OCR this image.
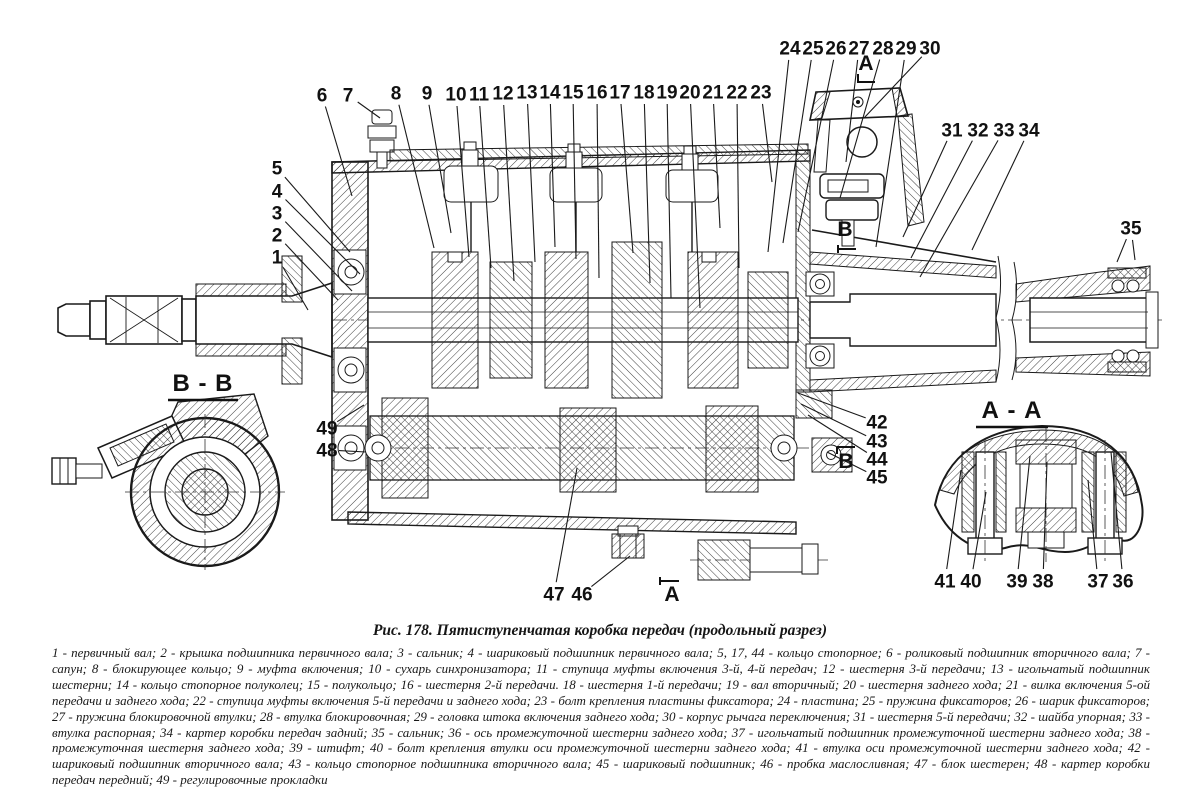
1
2
3
4
5
6 7 8 9 10 11 12 13 14 15 16 17 18 19 20 21 22 23
24 25 26 27 28 29 30
31 32 33 34
35
36
37
38
39
40
41
42
43
44
45
46
47
48
49
А
В
В
А
В - В
А - А
Рис. 178. Пятиступенчатая коробка передач (продольный разрез)
1 - первичный вал; 2 - крышка подшипника первичного вала; 3 - сальник; 4 - шариковый подшипник первичного вала; 5, 17, 44 - кольцо стопорное; 6 - роликовый подшипник вторичного вала; 7 - сапун; 8 - блокирующее кольцо; 9 - муфта включения; 10 - сухарь синхронизатора; 11 - ступица муфты включения 3-й, 4-й передач; 12 - шестерня 3-й передачи; 13 - игольчатый подшипник шестерни; 14 - кольцо стопорное полуколец; 15 - полукольцо; 16 - шестерня 2-й передачи. 18 - шестерня 1-й передачи; 19 - вал вторичный; 20 - шестерня заднего хода; 21 - вилка включения 5-ой передачи и заднего хода; 22 - ступица муфты включения 5-й передачи и заднего хода; 23 - болт крепления пластины фиксатора; 24 - пластина; 25 - пружина фиксаторов; 26 - шарик фиксаторов; 27 - пружина блокировочной втулки; 28 - втулка блокировочная; 29 - головка штока включения заднего хода; 30 - корпус рычага переключения; 31 - шестерня 5-й передачи; 32 - шайба упорная; 33 - втулка распорная; 34 - картер коробки передач задний; 35 - сальник; 36 - ось промежуточной шестерни заднего хода; 37 - игольчатый подшипник промежуточной шестерни заднего хода; 38 - промежуточная шестерня заднего хода; 39 - штифт; 40 - болт крепления втулки оси промежуточной шестерни заднего хода; 41 - втулка оси промежуточной шестерни заднего хода; 42 - шариковый подшипник вторичного вала; 43 - кольцо стопорное подшипника вторичного вала; 45 - шариковый подшипник; 46 - пробка маслосливная; 47 - блок шестерен; 48 - картер коробки передач передний; 49 - регулировочные прокладки
